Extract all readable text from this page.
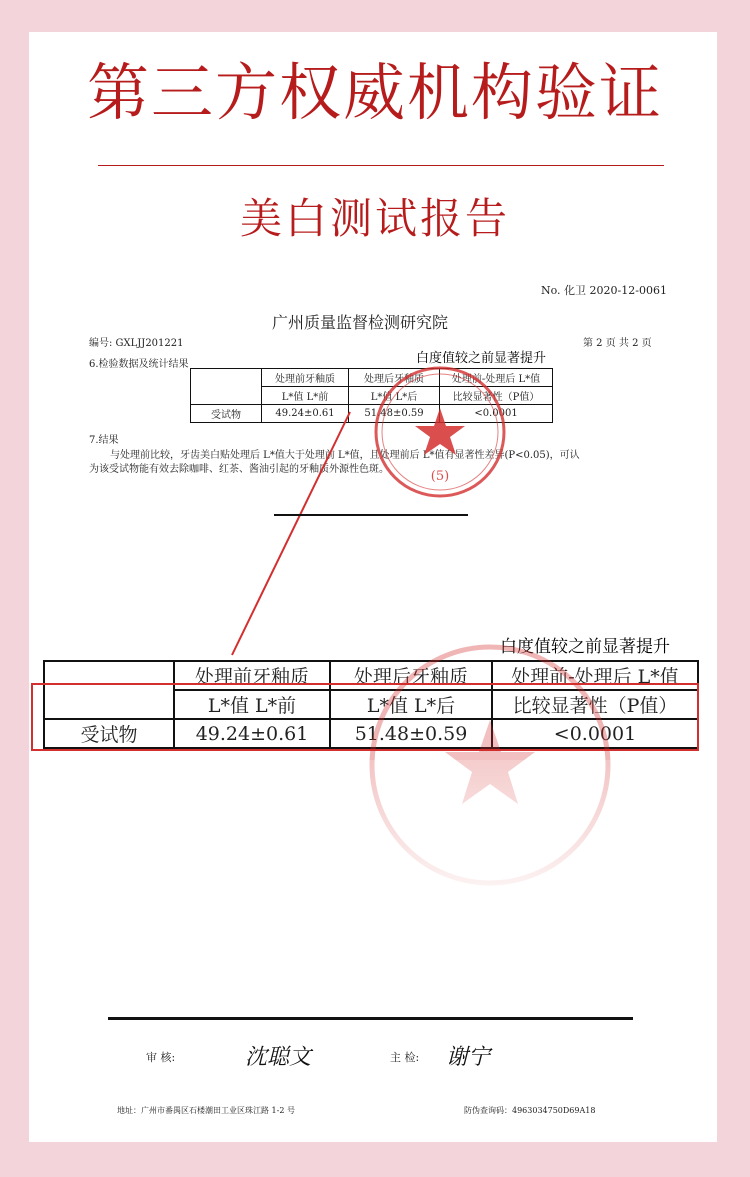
第三方权威机构验证
美白测试报告
No. 化卫 2020-12-0061
广州质量监督检测研究院
编号: GXLJJ201221	第 2 页 共 2 页
6.检验数据及统计结果	白度值较之前显著提升
	处理前牙釉质	处理后牙釉质	处理前-处理后 L*值
	L*值 L*前	L*值 L*后	比较显著性（P值）
受试物	49.24±0.61	51.48±0.59	<0.0001
7.结果
与处理前比较，牙齿美白贴处理后 L*值大于处理前 L*值，且处理前后 L*值有显著性差异(P<0.05)，可认
为该受试物能有效去除咖啡、红茶、酱油引起的牙釉质外源性色斑。	(5)
白度值较之前显著提升
	处理前牙釉质	处理后牙釉质	处理前-处理后 L*值
	L*值 L*前	L*值 L*后	比较显著性（P值）
受试物	49.24±0.61	51.48±0.59	<0.0001
审 核:	沈聪文	主 检: 谢宁
地址：广州市番禺区石楼潮田工业区珠江路 1-2 号	防伪查询码：4963034750D69A18
